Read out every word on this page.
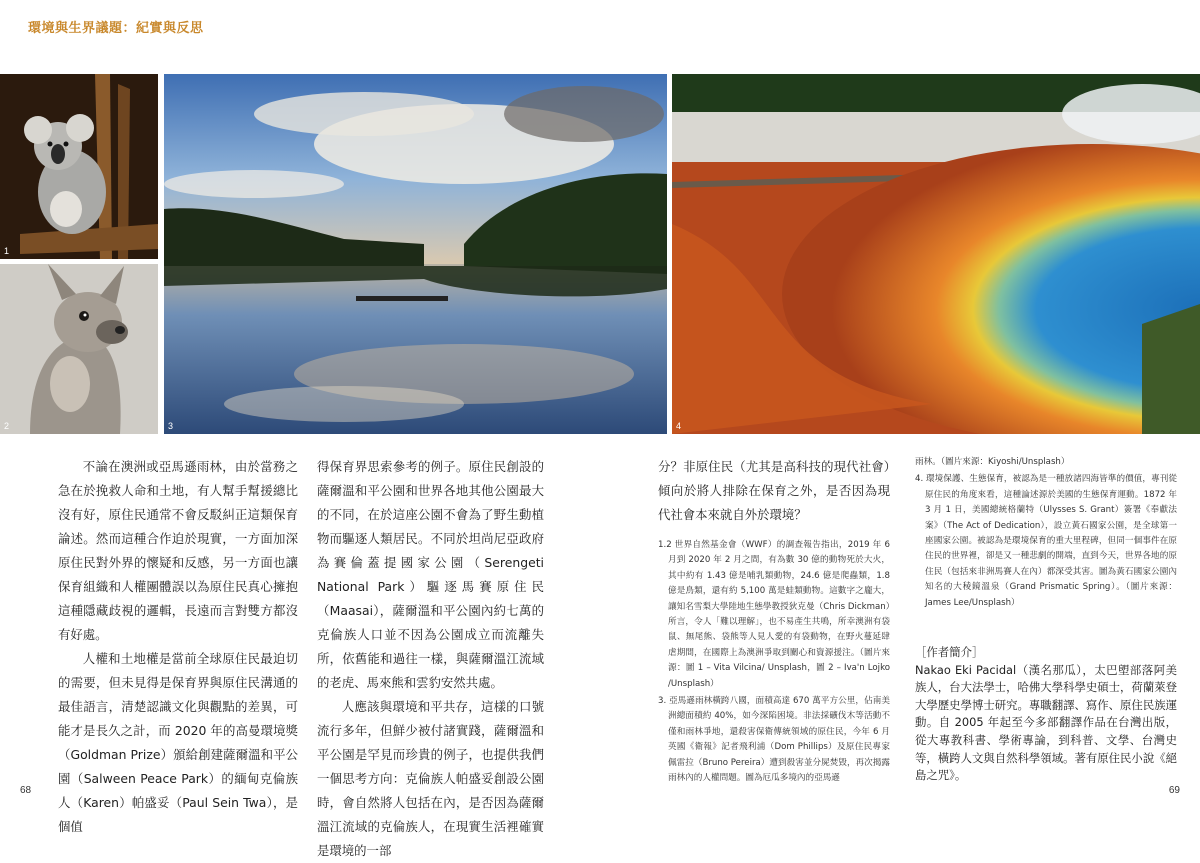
環境與生界議題：紀實與反思
1
2	3	4

不論在澳洲或亞馬遜雨林，由於當務之急在於挽救人命和土地，有人幫手幫援總比沒有好，原住民通常不會反駁糾正這類保育論述。然而這種合作迫於現實，一方面加深原住民對外界的懷疑和反感，另一方面也讓保育組織和人權團體誤以為原住民真心擁抱這種隱藏歧視的邏輯，長遠而言對雙方都沒有好處。

人權和土地權是當前全球原住民最迫切的需要，但未見得是保育界與原住民溝通的最佳語言，清楚認識文化與觀點的差異，可能才是長久之計，而 2020 年的高曼環境獎（Goldman Prize）頒給創建薩爾溫和平公園（Salween Peace Park）的緬甸克倫族人（Karen）帕盛妥（Paul Sein Twa），是個值

得保育界思索參考的例子。原住民創設的薩爾溫和平公園和世界各地其他公園最大的不同，在於這座公園不會為了野生動植物而驅逐人類居民。不同於坦尚尼亞政府為賽倫蓋提國家公園（Serengeti National Park）驅逐馬賽原住民（Maasai），薩爾溫和平公園內約七萬的克倫族人口並不因為公園成立而流離失所，依舊能和過往一樣，與薩爾溫江流域的老虎、馬來熊和雲豹安然共處。

人應該與環境和平共存，這樣的口號流行多年，但鮮少被付諸實踐，薩爾溫和平公園是罕見而珍貴的例子，也提供我們一個思考方向：克倫族人帕盛妥創設公園時，會自然將人包括在內，是否因為薩爾溫江流域的克倫族人，在現實生活裡確實是環境的一部

分？非原住民（尤其是高科技的現代社會）傾向於將人排除在保育之外，是否因為現代社會本來就自外於環境？

1.2 世界自然基金會（WWF）的調查報告指出，2019 年 6 月到 2020 年 2 月之間，有為數 30 億的動物死於大火，其中約有 1.43 億是哺乳類動物，24.6 億是爬蟲類，1.8 億是鳥類，還有約 5,100 萬是蛙類動物。這數字之龐大，讓知名雪梨大學陸地生態學教授狄克曼（Chris Dickman）所言，令人「難以理解」，也不易產生共鳴，所幸澳洲有袋鼠、無尾熊、袋熊等人見人愛的有袋動物，在野火蔓延肆虐期間，在國際上為澳洲爭取到關心和資源援注。（圖片來源：圖 1 – Vita Vilcina/ Unsplash，圖 2 – Iva'n Lojko /Unsplash）

3. 亞馬遜雨林橫跨八國，面積高達 670 萬平方公里，佔南美洲總面積約 40%，如今深陷困境。非法採礦伐木等活動不僅和雨林爭地，還殺害保衛傳統領域的原住民，今年 6 月英國《衛報》記者飛利浦（Dom Phillips）及原住民專家佩雷拉（Bruno Pereira）遭到殺害並分屍焚毀，再次揭露雨林內的人權問題。圖為厄瓜多境內的亞馬遜

雨林。（圖片來源：Kiyoshi/Unsplash）

4. 環境保護、生態保育，被認為是一種放諸四海皆準的價值，專刊從原住民的角度來看，這種論述源於美國的生態保育運動。1872 年 3 月 1 日，美國總統格蘭特（Ulysses S. Grant）簽署《奉獻法案》（The Act of Dedication），設立黃石國家公園，是全球第一座國家公園。被認為是環境保育的重大里程碑，但同一個事件在原住民的世界裡，卻是又一種悲劇的開端，直到今天，世界各地的原住民（包括來非洲馬賽人在內）都深受其害。圖為黃石國家公園內知名的大稜鏡溫泉（Grand Prismatic Spring）。（圖片來源：James Lee/Unsplash）

［作者簡介］

Nakao Eki Pacidal（漢名那瓜），太巴塱部落阿美族人，台大法學士，哈佛大學科學史碩士，荷蘭萊登大學歷史學博士研究。專職翻譯、寫作、原住民族運動。自 2005 年起至今多部翻譯作品在台灣出版，從大專教科書、學術專論，到科普、文學、台灣史等，橫跨人文與自然科學領域。著有原住民小說《絕島之咒》。

68	69
